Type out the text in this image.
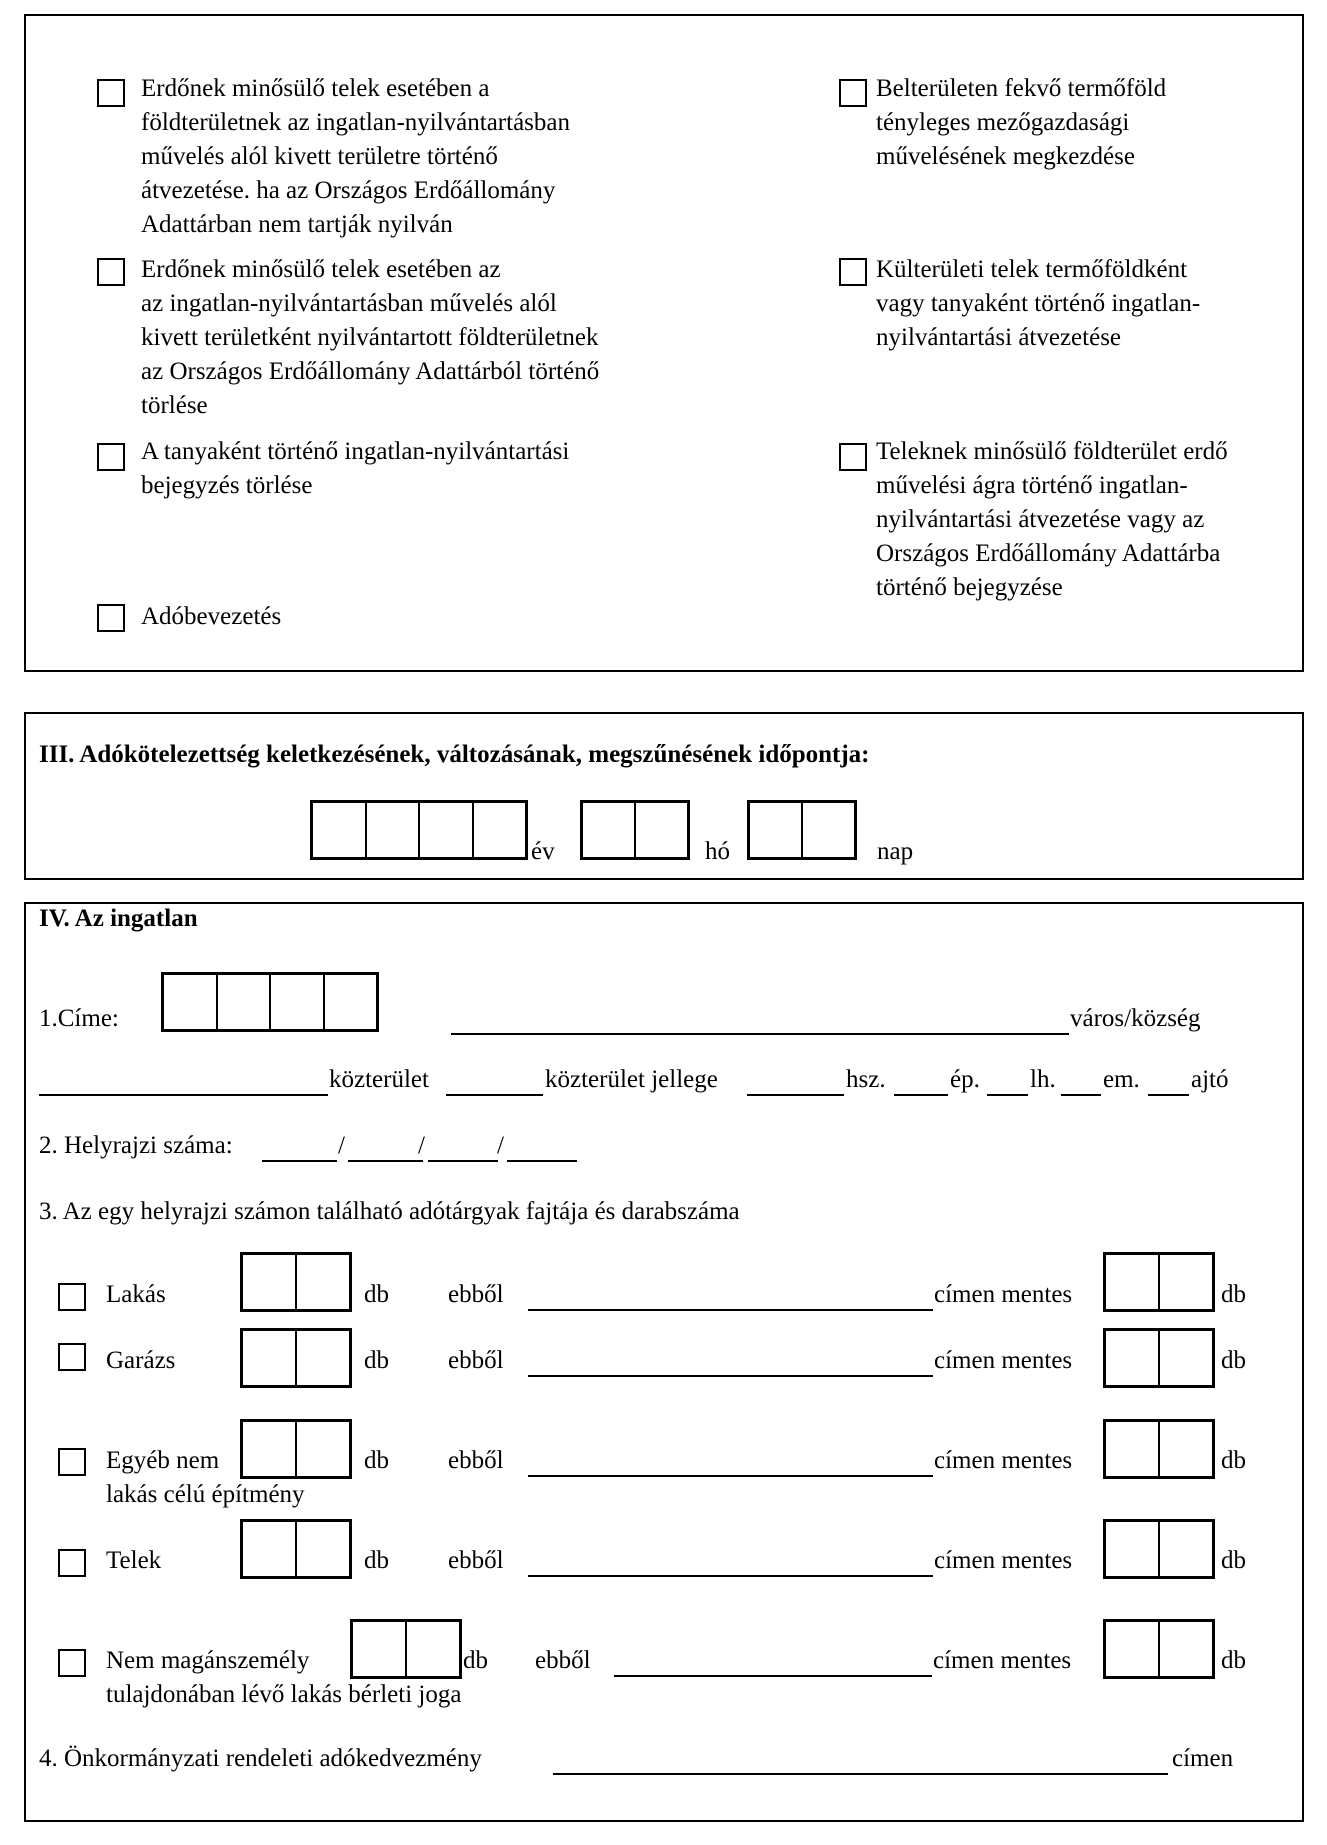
Erdőnek minősülő telek esetében a
földterületnek az ingatlan-nyilvántartásban
művelés alól kivett területre történő
átvezetése. ha az Országos Erdőállomány
Adattárban nem tartják nyilván
Erdőnek minősülő telek esetében az
az ingatlan-nyilvántartásban művelés alól
kivett területként nyilvántartott földterületnek
az Országos Erdőállomány Adattárból történő
törlése
A tanyaként történő ingatlan-nyilvántartási
bejegyzés törlése
Adóbevezetés
Belterületen fekvő termőföld
tényleges mezőgazdasági
művelésének megkezdése
Külterületi telek termőföldként
vagy tanyaként történő ingatlan-
nyilvántartási átvezetése
Teleknek minősülő földterület erdő
művelési ágra történő ingatlan-
nyilvántartási átvezetése vagy az
Országos Erdőállomány Adattárba
történő bejegyzése
III. Adókötelezettség keletkezésének, változásának, megszűnésének időpontja:
év	hó	nap
IV. Az ingatlan
1.Címe:	város/község
közterület	közterület jellege	hsz.	ép. lh. em. ajtó
2. Helyrajzi száma:	/	/	/
3. Az egy helyrajzi számon található adótárgyak fajtája és darabszáma
Lakás	db ebből	címen mentes	db
Garázs	db ebből	címen mentes	db
Egyéb nem
lakás célú építmény
db ebből	címen mentes	db
Telek	db ebből	címen mentes	db
Nem magánszemély
tulajdonában lévő lakás bérleti joga
db ebből	címen mentes	db
4. Önkormányzati rendeleti adókedvezmény	címen
